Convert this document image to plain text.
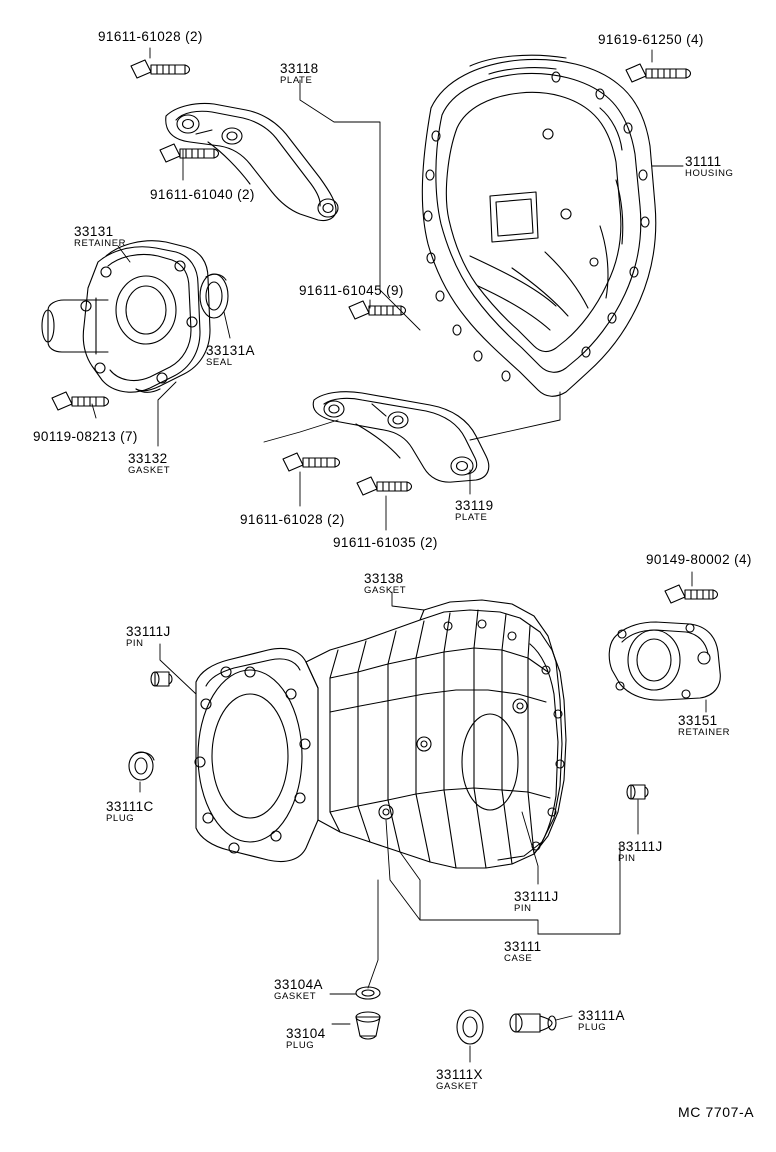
91611-61028 (2)
33118
PLATE
91619-61250 (4)
31111
HOUSING
91611-61040 (2)
33131
RETAINER
33131A
SEAL
91611-61045 (9)
90119-08213 (7)
33132
GASKET
33119
PLATE
91611-61028 (2)
91611-61035 (2)
90149-80002 (4)
33138
GASKET
33111J
PIN
33151
RETAINER
33111C
PLUG
33111J
PIN
33111J
PIN
33111
CASE
33104A
GASKET
33104
PLUG
33111X
GASKET
33111A
PLUG
MC 7707-A
